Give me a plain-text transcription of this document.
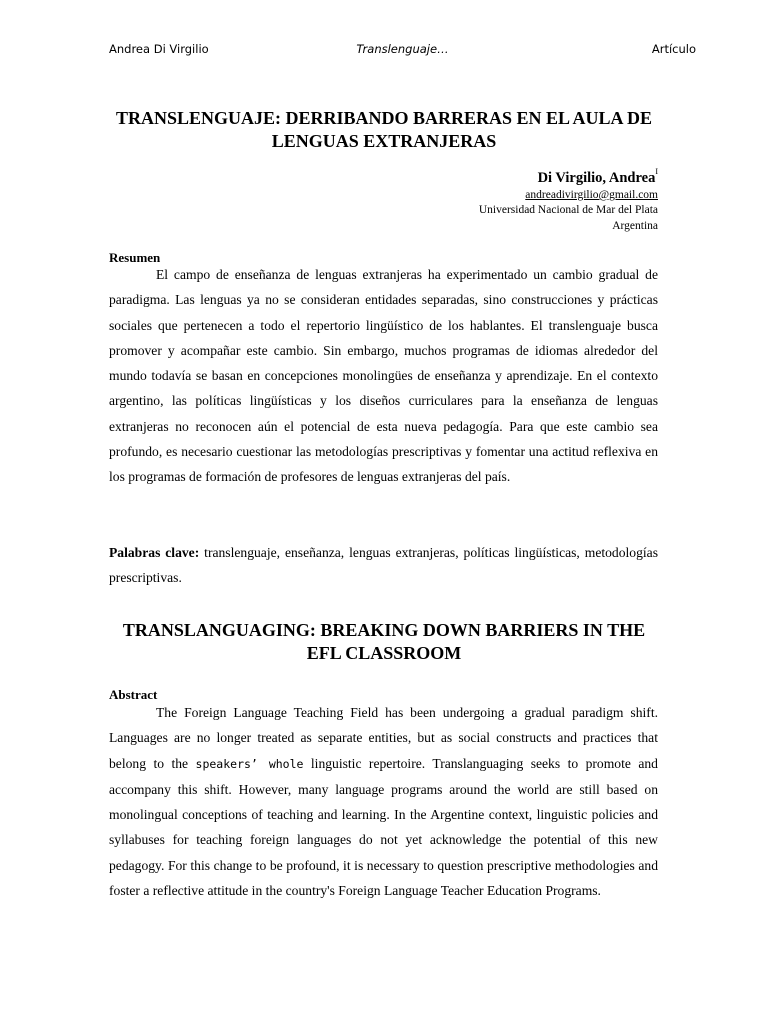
Andrea Di Virgilio	Translenguaje…	Artículo
TRANSLENGUAJE: DERRIBANDO BARRERAS EN EL AULA DE
LENGUAS EXTRANJERAS
Di Virgilio, Andrea$^I$
andreadivirgilio@gmail.com
Universidad Nacional de Mar del Plata
Argentina
Resumen

El campo de enseñanza de lenguas extranjeras ha experimentado un cambio gradual de paradigma. Las lenguas ya no se consideran entidades separadas, sino construcciones y prácticas sociales que pertenecen a todo el repertorio lingüístico de los hablantes. El translenguaje busca promover y acompañar este cambio. Sin embargo, muchos programas de idiomas alrededor del mundo todavía se basan en concepciones monolingües de enseñanza y aprendizaje. En el contexto argentino, las políticas lingüísticas y los diseños curriculares para la enseñanza de lenguas extranjeras no reconocen aún el potencial de esta nueva pedagogía. Para que este cambio sea profundo, es necesario cuestionar las metodologías prescriptivas y fomentar una actitud reflexiva en los programas de formación de profesores de lenguas extranjeras del país.

Palabras clave: translenguaje, enseñanza, lenguas extranjeras, políticas lingüísticas, metodologías prescriptivas.
TRANSLANGUAGING: BREAKING DOWN BARRIERS IN THE
EFL CLASSROOM
Abstract

The Foreign Language Teaching Field has been undergoing a gradual paradigm shift. Languages are no longer treated as separate entities, but as social constructs and practices that belong to the speakers’ whole linguistic repertoire. Translanguaging seeks to promote and accompany this shift. However, many language programs around the world are still based on monolingual conceptions of teaching and learning. In the Argentine context, linguistic policies and syllabuses for teaching foreign languages do not yet acknowledge the potential of this new pedagogy. For this change to be profound, it is necessary to question prescriptive methodologies and foster a reflective attitude in the country's Foreign Language Teacher Education Programs.
